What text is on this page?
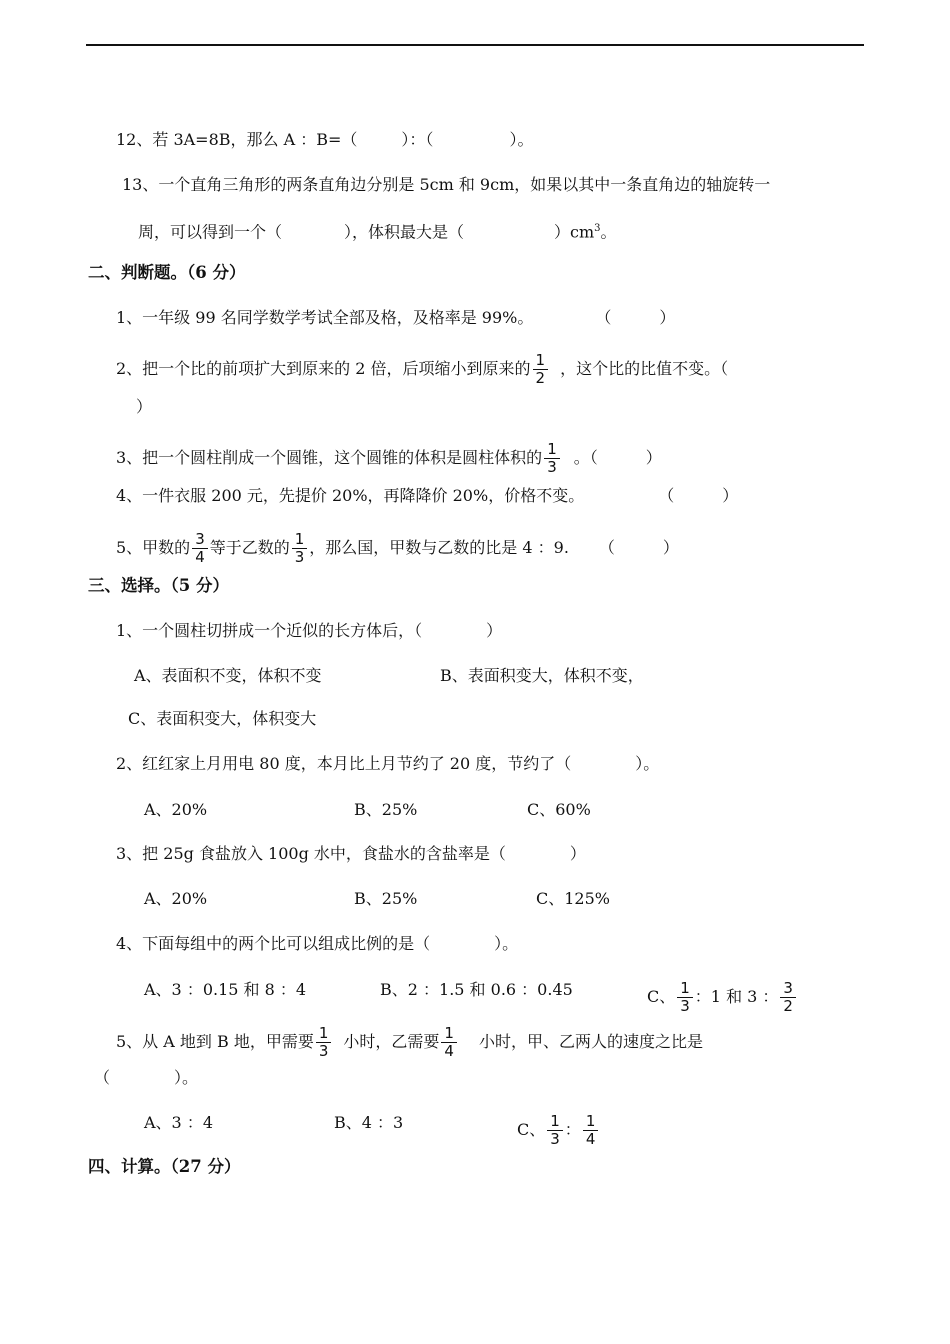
12、若 3A=8B，那么 A ：B=（	）：（	）。
13、一个直角三角形的两条直角边分别是 5cm 和 9cm，如果以其中一条直角边的轴旋转一
周，可以得到一个（	），体积最大是（	）$cm^3$。
二、判断题。（6 分）
1、一年级 99 名同学数学考试全部及格，及格率是 99%。	（　　　）
2、把一个比的前项扩大到原来的 2 倍，后项缩小到原来的 $\frac{1}{2}$ ，这个比的比值不变。（
）
3、把一个圆柱削成一个圆锥，这个圆锥的体积是圆柱体积的 $\frac{1}{3}$ 。（　　　）
4、一件衣服 200 元，先提价 20%，再降降价 20%，价格不变。	（　　　）
5、甲数的 $\frac{3}{4}$ 等于乙数的 $\frac{1}{3}$ ，那么国，甲数与乙数的比是 4 ：9. （　　　）
三、选择。（5 分）
1、一个圆柱切拼成一个近似的长方体后，（　　　　）
A、表面积不变，体积不变	B、表面积变大，体积不变，
C、表面积变大，体积变大
2、红红家上月用电 80 度，本月比上月节约了 20 度，节约了（　　　　）。
A、20%	B、25%	C、60%
3、把 25g 食盐放入 100g 水中，食盐水的含盐率是（　　　　）
A、20%	B、25%	C、125%
4、下面每组中的两个比可以组成比例的是（　　　　）。
A、3 ：0.15 和 8 ：4	B、2 ：1.5 和 0.6 ：0.45	C、 $\frac{1}{3}$ ：1 和 3 ： $\frac{3}{2}$
5、从 A 地到 B 地，甲需要 $\frac{1}{3}$ 小时，乙需要 $\frac{1}{4}$ 小时，甲、乙两人的速度之比是
（　　　　）。
A、3 ：4	B、4 ：3	C、 $\frac{1}{3}$ ： $\frac{1}{4}$
四、计算。（27 分）
